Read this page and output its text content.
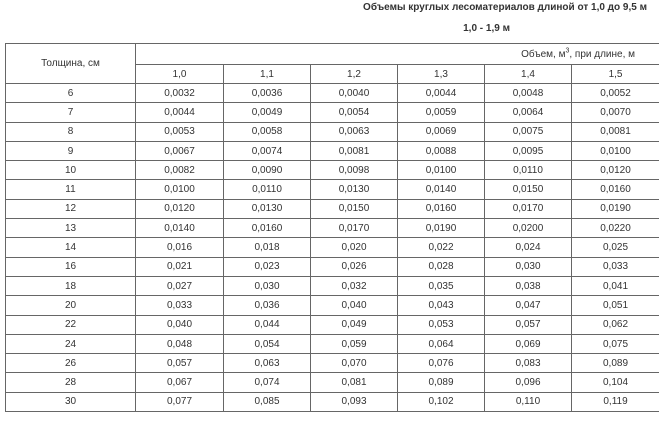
Объемы круглых лесоматериалов длиной от 1,0 до 9,5 м
1,0 - 1,9 м
Толщина, см	Объем, $м^3$, при длине, м					
	1,0	1,1	1,2	1,3	1,4	1,5
6	0,0032	0,0036	0,0040	0,0044	0,0048	0,0052
7	0,0044	0,0049	0,0054	0,0059	0,0064	0,0070
8	0,0053	0,0058	0,0063	0,0069	0,0075	0,0081
9	0,0067	0,0074	0,0081	0,0088	0,0095	0,0100
10	0,0082	0,0090	0,0098	0,0100	0,0110	0,0120
11	0,0100	0,0110	0,0130	0,0140	0,0150	0,0160
12	0,0120	0,0130	0,0150	0,0160	0,0170	0,0190
13	0,0140	0,0160	0,0170	0,0190	0,0200	0,0220
14	0,016	0,018	0,020	0,022	0,024	0,025
16	0,021	0,023	0,026	0,028	0,030	0,033
18	0,027	0,030	0,032	0,035	0,038	0,041
20	0,033	0,036	0,040	0,043	0,047	0,051
22	0,040	0,044	0,049	0,053	0,057	0,062
24	0,048	0,054	0,059	0,064	0,069	0,075
26	0,057	0,063	0,070	0,076	0,083	0,089
28	0,067	0,074	0,081	0,089	0,096	0,104
30	0,077	0,085	0,093	0,102	0,110	0,119
